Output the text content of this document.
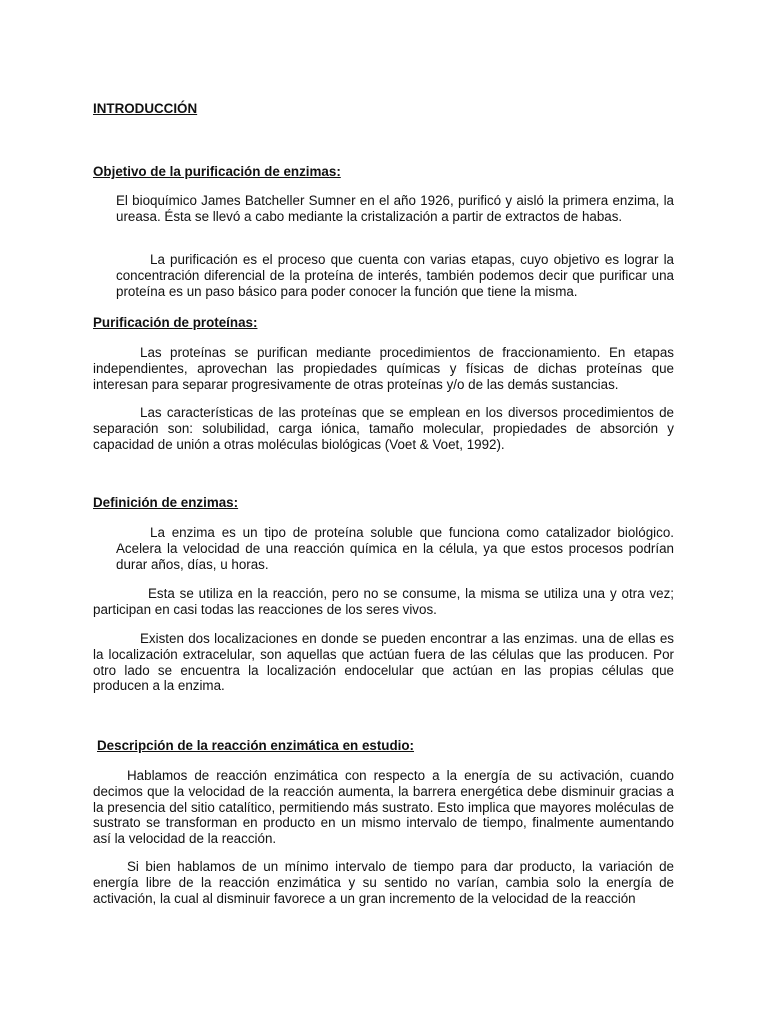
INTRODUCCIÓN
Objetivo de la purificación de enzimas:

El bioquímico James Batcheller Sumner en el año 1926, purificó y aisló la primera enzima, la ureasa. Ésta se llevó a cabo mediante la cristalización a partir de extractos de habas.

La purificación es el proceso que cuenta con varias etapas, cuyo objetivo es lograr la concentración diferencial de la proteína de interés, también podemos decir que purificar una proteína es un paso básico para poder conocer la función que tiene la misma.

Purificación de proteínas:

Las proteínas se purifican mediante procedimientos de fraccionamiento. En etapas independientes, aprovechan las propiedades químicas y físicas de dichas proteínas que interesan para separar progresivamente de otras proteínas y/o de las demás sustancias.

Las características de las proteínas que se emplean en los diversos procedimientos de separación son: solubilidad, carga iónica, tamaño molecular, propiedades de absorción y capacidad de unión a otras moléculas biológicas (Voet & Voet, 1992).

Definición de enzimas:

La enzima es un tipo de proteína soluble que funciona como catalizador biológico. Acelera la velocidad de una reacción química en la célula, ya que estos procesos podrían durar años, días, u horas.

Esta se utiliza en la reacción, pero no se consume, la misma se utiliza una y otra vez; participan en casi todas las reacciones de los seres vivos.

Existen dos localizaciones en donde se pueden encontrar a las enzimas. una de ellas es la localización extracelular, son aquellas que actúan fuera de las células que las producen. Por otro lado se encuentra la localización endocelular que actúan en las propias células que producen a la enzima.

Descripción de la reacción enzimática en estudio:

Hablamos de reacción enzimática con respecto a la energía de su activación, cuando decimos que la velocidad de la reacción aumenta, la barrera energética debe disminuir gracias a la presencia del sitio catalítico, permitiendo más sustrato. Esto implica que mayores moléculas de sustrato se transforman en producto en un mismo intervalo de tiempo, finalmente aumentando así la velocidad de la reacción.

Si bien hablamos de un mínimo intervalo de tiempo para dar producto, la variación de energía libre de la reacción enzimática y su sentido no varían, cambia solo la energía de activación, la cual al disminuir favorece a un gran incremento de la velocidad de la reacción
